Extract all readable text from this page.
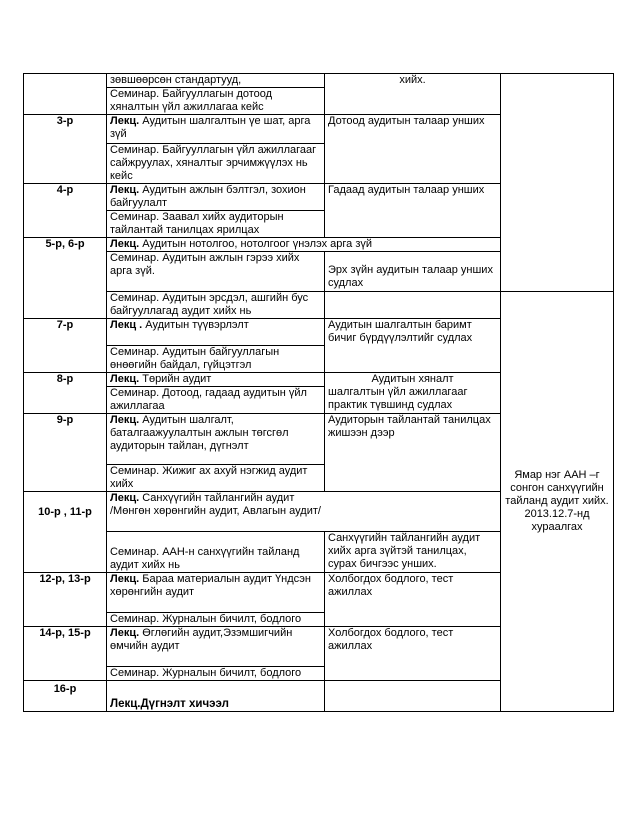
	зөвшөөрсөн стандартууд,	хийх.		
	Семинар. Байгууллагын дотоод хяналтын үйл ажиллагаа кейс			
3-р	Лекц. Аудитын шалгалтын үе шат, арга зүй	Дотоод аудитын талаар унших		
	Семинар. Байгууллагын үйл ажиллагааг сайжруулах, хяналтыг эрчимжүүлэх нь кейс			
4-р	Лекц. Аудитын ажлын бэлтгэл, зохион байгуулалт	Гадаад аудитын талаар унших		
	Семинар. Заавал хийх аудиторын тайлантай танилцах ярилцах			
5-р, 6-р	Лекц. Аудитын нотолгоо, нотолгоог үнэлэх арга зүй			
	Семинар. Аудитын ажлын гэрээ хийх арга зүй.	Эрх зүйн аудитын талаар унших судлах		
	Семинар. Аудитын эрсдэл, ашгийн бус байгууллагад аудит хийх нь		Ямар нэг ААН –г сонгон санхүүгийн тайланд аудит хийх. 2013.12.7-нд хураалгах	
7-р	Лекц . Аудитын түүвэрлэлт	Аудитын шалгалтын баримт бичиг бүрдүүлэлтийг судлах		
	Семинар. Аудитын байгууллагын өнөөгийн байдал, гүйцэтгэл			
8-р	Лекц. Төрийн аудит	Аудитын хяналт
шалгалтын үйл ажиллагааг практик түвшинд судлах		

	Семинар. Дотоод, гадаад аудитын үйл ажиллагаа			
9-р	Лекц. Аудитын шалгалт, баталгаажуулалтын ажлын төгсгөл аудиторын тайлан, дүгнэлт	Аудиторын тайлантай танилцах жишээн дээр		
	Семинар. Жижиг ах ахуй нэгжид аудит хийх			
10-р , 11-р	Лекц. Санхүүгийн тайлангийн аудит
/Мөнгөн хөрөнгийн аудит, Авлагын аудит/			
	Семинар. ААН-н санхүүгийн тайланд аудит хийх нь	Санхүүгийн тайлангийн аудит хийх арга зүйтэй танилцах, сурах бичгээс унших.		
12-р, 13-р	Лекц. Бараа материалын аудит Үндсэн хөрөнгийн аудит	Холбогдох бодлого, тест ажиллах		
	Семинар. Журналын бичилт, бодлого			
14-р, 15-р	Лекц. Өглөгийн аудит,Эзэмшигчийн өмчийн аудит	Холбогдох бодлого, тест ажиллах		
	Семинар. Журналын бичилт, бодлого			
16-р	Лекц.Дүгнэлт хичээл			
